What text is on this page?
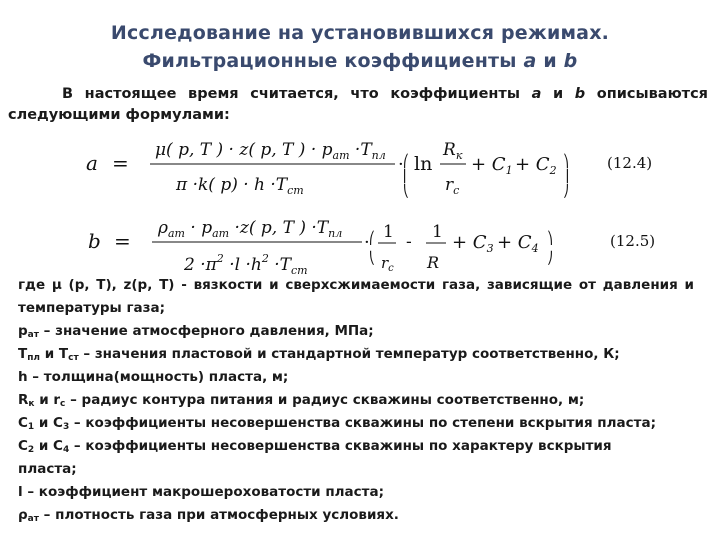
Исследование на установившихся режимах.
Фильтрационные коэффициенты a и b
В настоящее время считается, что коэффициенты a и b описываются следующими формулами:
a =
μ( p, T ) · z( p, T ) · $p_{ат} \cdot T_{пл}$
π ·k( $p) \cdot h \cdot T_{ст}$
· ⎛
⎜
⎝
ln
$R_к$
$r_с$
+ $C_1 + C_2$
⎞
⎟
⎠
(12.4)
b =
$\rho_{ат} \cdot p_{ат} \cdot z$( p, T ) $\cdot T_{пл}$
$2 \cdot\pi^2 \cdot l \cdot h^2 \cdot T_{ст}$
· ⎛
⎝
1
$r_с$
- 1
R
+ $C_3 + C_4$
⎞
⎠
(12.5)
где μ (p, T), z(p, T) - вязкости и сверхсжимаемости газа, зависящие от давления и
температуры газа;
$р_{ат}$ – значение атмосферного давления, МПа;
$Т_{пл}$ и $Т_{ст}$ – значения пластовой и стандартной температур соответственно, К;
h – толщина(мощность) пласта, м;
$R_к$ и $r_с$ – радиус контура питания и радиус скважины соответственно, м;
$С_1$ и $С_3$ – коэффициенты несовершенства скважины по степени вскрытия пласта;
$С_2$ и $С_4$ – коэффициенты несовершенства скважины по характеру вскрытия
пласта;
l – коэффициент макрошероховатости пласта;
$\rho_{ат}$ – плотность газа при атмосферных условиях.
